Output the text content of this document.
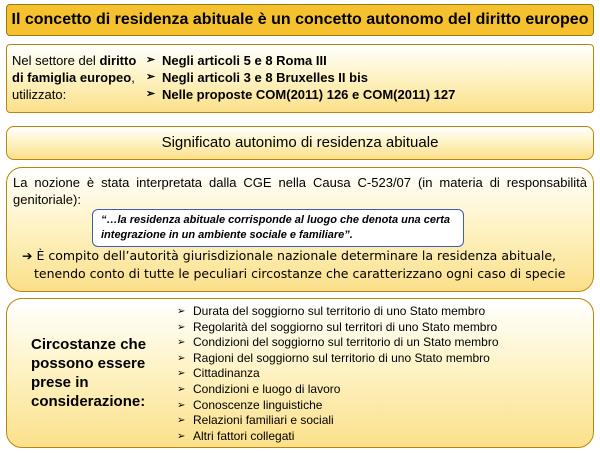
Il concetto di residenza abituale è un concetto autonomo del diritto europeo
Nel settore del diritto di famiglia europeo, utilizzato:
➢ Negli articoli 5 e 8 Roma III
➢ Negli articoli 3 e 8 Bruxelles II bis
➢ Nelle proposte COM(2011) 126 e COM(2011) 127
Significato autonimo di residenza abituale
La nozione è stata interpretata dalla CGE nella Causa C-523/07 (in materia di responsabilità genitoriale):
“…la residenza abituale corrisponde al luogo che denota una certa integrazione in un ambiente sociale e familiare”.
➔ È compito dell’autorità giurisdizionale nazionale determinare la residenza abituale,
tenendo conto di tutte le peculiari circostanze che caratterizzano ogni caso di specie
Circostanze che possono essere prese in considerazione:
➢ Durata del soggiorno sul territorio di uno Stato membro
➢ Regolarità del soggiorno sul territori di uno Stato membro
➢ Condizioni del soggiorno sul territorio di un Stato membro
➢ Ragioni del soggiorno sul territorio di uno Stato membro
➢ Cittadinanza
➢ Condizioni e luogo di lavoro
➢ Conoscenze linguistiche
➢ Relazioni familiari e sociali
➢ Altri fattori collegati
